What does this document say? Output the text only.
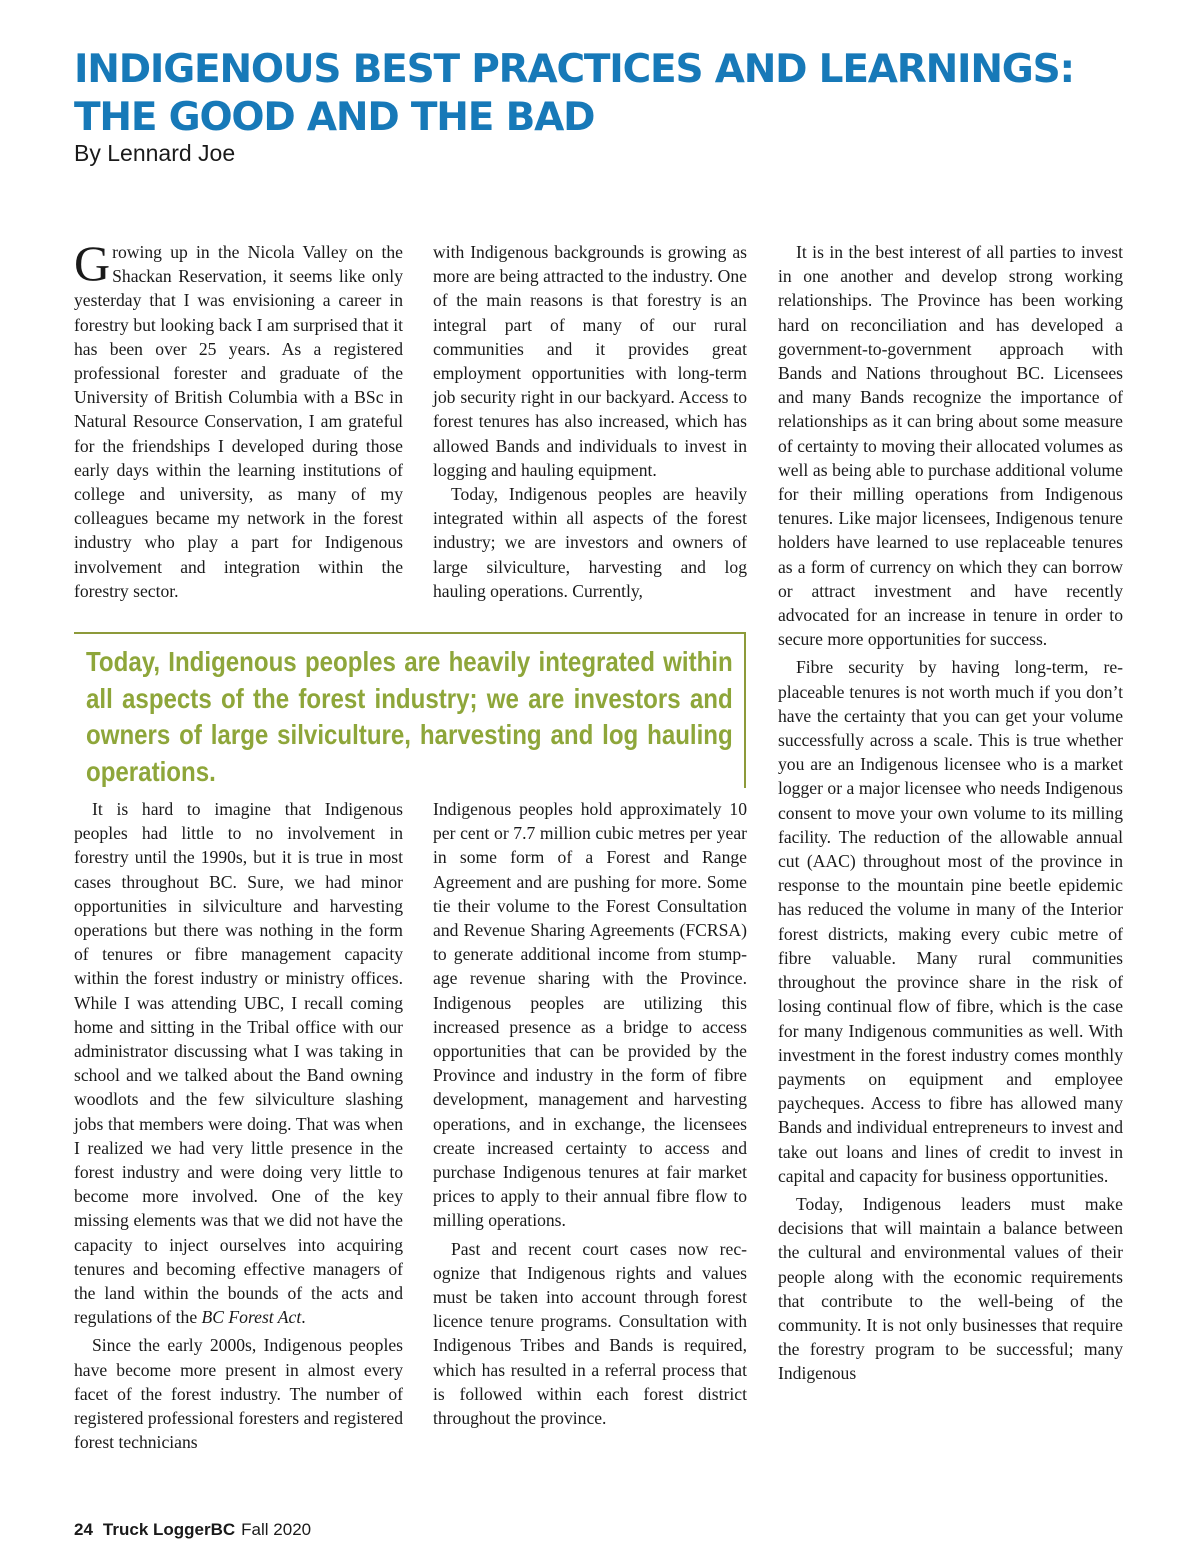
INDIGENOUS BEST PRACTICES AND LEARNINGS:
THE GOOD AND THE BAD
By Lennard Joe

Growing up in the Nicola Valley on the Shackan Reservation, it seems like only yesterday that I was envisioning a career in forestry but looking back I am surprised that it has been over 25 years. As a registered professional forester and graduate of the University of British Columbia with a BSc in Natural Resource Conservation, I am grateful for the friendships I developed during those early days within the learning institutions of college and university, as many of my colleagues became my network in the forest industry who play a part for Indigenous involvement and integration within the forestry sector.

with Indigenous backgrounds is growing as more are being attracted to the industry. One of the main reasons is that forestry is an integral part of many of our rural communities and it provides great employment opportunities with long-term job security right in our backyard. Access to forest tenures has also increased, which has allowed Bands and individuals to invest in logging and hauling equipment.

Today, Indigenous peoples are heavily integrated within all aspects of the forest industry; we are investors and owners of large silviculture, harvesting and log hauling operations. Currently,

Today, Indigenous peoples are heavily integrated within all aspects of the forest industry; we are investors and owners of large silviculture, harvesting and log hauling operations.

It is hard to imagine that Indigenous peoples had little to no involvement in forestry until the 1990s, but it is true in most cases throughout BC. Sure, we had minor opportunities in silviculture and harvesting operations but there was nothing in the form of tenures or fibre management capacity within the forest industry or ministry offices. While I was attending UBC, I recall coming home and sitting in the Tribal office with our administrator discussing what I was taking in school and we talked about the Band owning woodlots and the few silviculture slashing jobs that members were doing. That was when I realized we had very little presence in the forest industry and were doing very little to become more involved. One of the key missing elements was that we did not have the capacity to inject ourselves into acquiring tenures and becoming effective managers of the land within the bounds of the acts and regulations of the BC Forest Act.

Since the early 2000s, Indigenous peoples have become more present in almost every facet of the forest industry. The number of registered professional foresters and registered forest technicians

Indigenous peoples hold approximately 10 per cent or 7.7 million cubic metres per year in some form of a Forest and Range Agreement and are pushing for more. Some tie their volume to the Forest Consultation and Revenue Sharing Agreements (FCRSA) to generate additional income from stumpage revenue sharing with the Province. Indigenous peoples are utilizing this increased presence as a bridge to access opportunities that can be provided by the Province and industry in the form of fibre development, management and harvesting operations, and in exchange, the licensees create increased certainty to access and purchase Indigenous tenures at fair market prices to apply to their annual fibre flow to milling operations.

Past and recent court cases now recognize that Indigenous rights and values must be taken into account through forest licence tenure programs. Consultation with Indigenous Tribes and Bands is required, which has resulted in a referral process that is followed within each forest district throughout the province.

It is in the best interest of all parties to invest in one another and develop strong working relationships. The Province has been working hard on reconciliation and has developed a government-to-government approach with Bands and Nations throughout BC. Licensees and many Bands recognize the importance of relationships as it can bring about some measure of certainty to moving their allocated volumes as well as being able to purchase additional volume for their milling operations from Indigenous tenures. Like major licensees, Indigenous tenure holders have learned to use replaceable tenures as a form of currency on which they can borrow or attract investment and have recently advocated for an increase in tenure in order to secure more opportunities for success.

Fibre security by having long-term, replaceable tenures is not worth much if you don’t have the certainty that you can get your volume successfully across a scale. This is true whether you are an Indigenous licensee who is a market logger or a major licensee who needs Indigenous consent to move your own volume to its milling facility. The reduction of the allowable annual cut (AAC) throughout most of the province in response to the mountain pine beetle epidemic has reduced the volume in many of the Interior forest districts, making every cubic metre of fibre valuable. Many rural communities throughout the province share in the risk of losing continual flow of fibre, which is the case for many Indigenous communities as well. With investment in the forest industry comes monthly payments on equipment and employee paycheques. Access to fibre has allowed many Bands and individual entrepreneurs to invest and take out loans and lines of credit to invest in capital and capacity for business opportunities.

Today, Indigenous leaders must make decisions that will maintain a balance between the cultural and environmental values of their people along with the economic requirements that contribute to the well-being of the community. It is not only businesses that require the forestry program to be successful; many Indigenous

24 Truck LoggerBC Fall 2020
